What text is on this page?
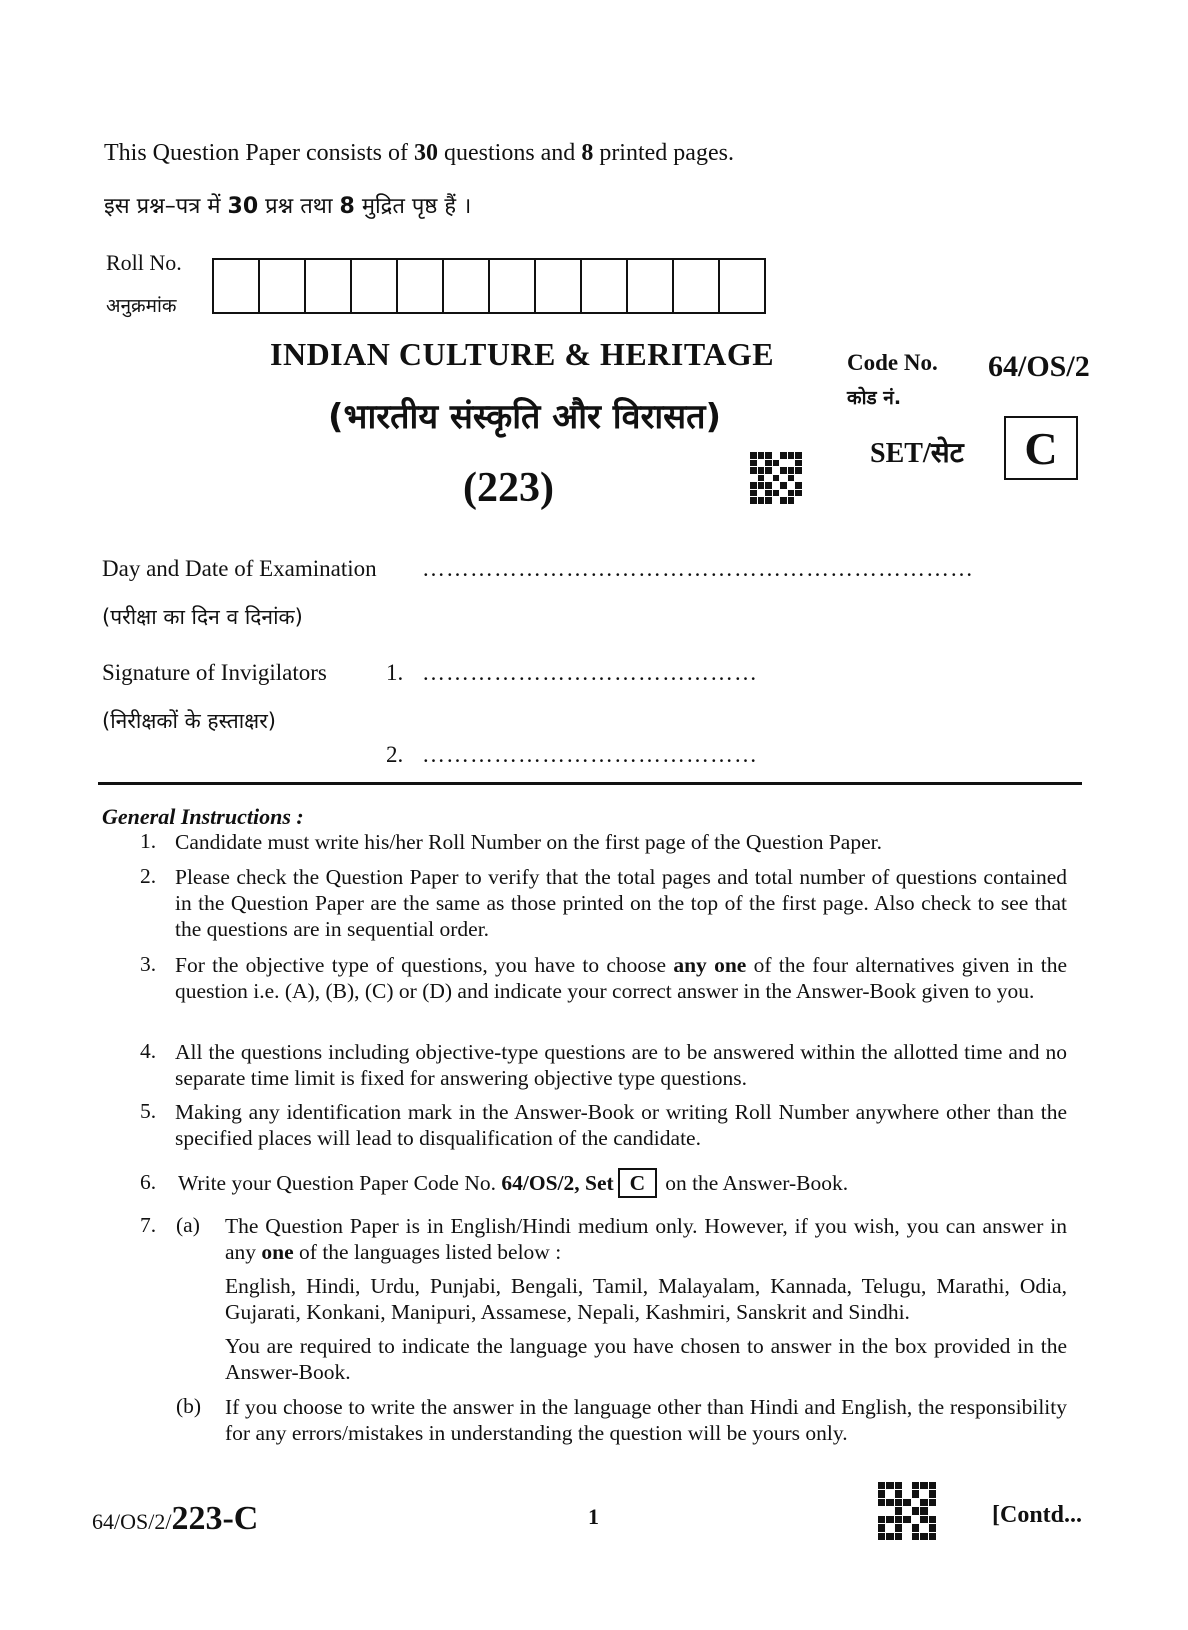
This Question Paper consists of 30 questions and 8 printed pages.
इस प्रश्न–पत्र में 30 प्रश्न तथा 8 मुद्रित पृष्ठ हैं ।
Roll No.
अनुक्रमांक
INDIAN CULTURE & HERITAGE
(भारतीय संस्कृति और विरासत)
(223)
Code No.
कोड नं.
64/OS/2
SET/सेट	C
Day and Date of Examination ……………………………………………………………
(परीक्षा का दिन व दिनांक)
Signature of Invigilators
(निरीक्षकों के हस्ताक्षर)
1. ……………………………………
2. ……………………………………
General Instructions :
1. Candidate must write his/her Roll Number on the first page of the Question Paper.
2. Please check the Question Paper to verify that the total pages and total number of questions contained in the Question Paper are the same as those printed on the top of the first page. Also check to see that the questions are in sequential order.
3. For the objective type of questions, you have to choose any one of the four alternatives given in the question i.e. (A), (B), (C) or (D) and indicate your correct answer in the Answer-Book given to you.
4. All the questions including objective-type questions are to be answered within the allotted time and no separate time limit is fixed for answering objective type questions.
5. Making any identification mark in the Answer-Book or writing Roll Number anywhere other than the specified places will lead to disqualification of the candidate.
6. Write your Question Paper Code No. 64/OS/2, Set C on the Answer-Book.
7. (a) The Question Paper is in English/Hindi medium only. However, if you wish, you can answer in any one of the languages listed below :
English, Hindi, Urdu, Punjabi, Bengali, Tamil, Malayalam, Kannada, Telugu, Marathi, Odia, Gujarati, Konkani, Manipuri, Assamese, Nepali, Kashmiri, Sanskrit and Sindhi.
You are required to indicate the language you have chosen to answer in the box provided in the Answer-Book.
(b) If you choose to write the answer in the language other than Hindi and English, the responsibility for any errors/mistakes in understanding the question will be yours only.
64/OS/2/223-C	1	[Contd...
